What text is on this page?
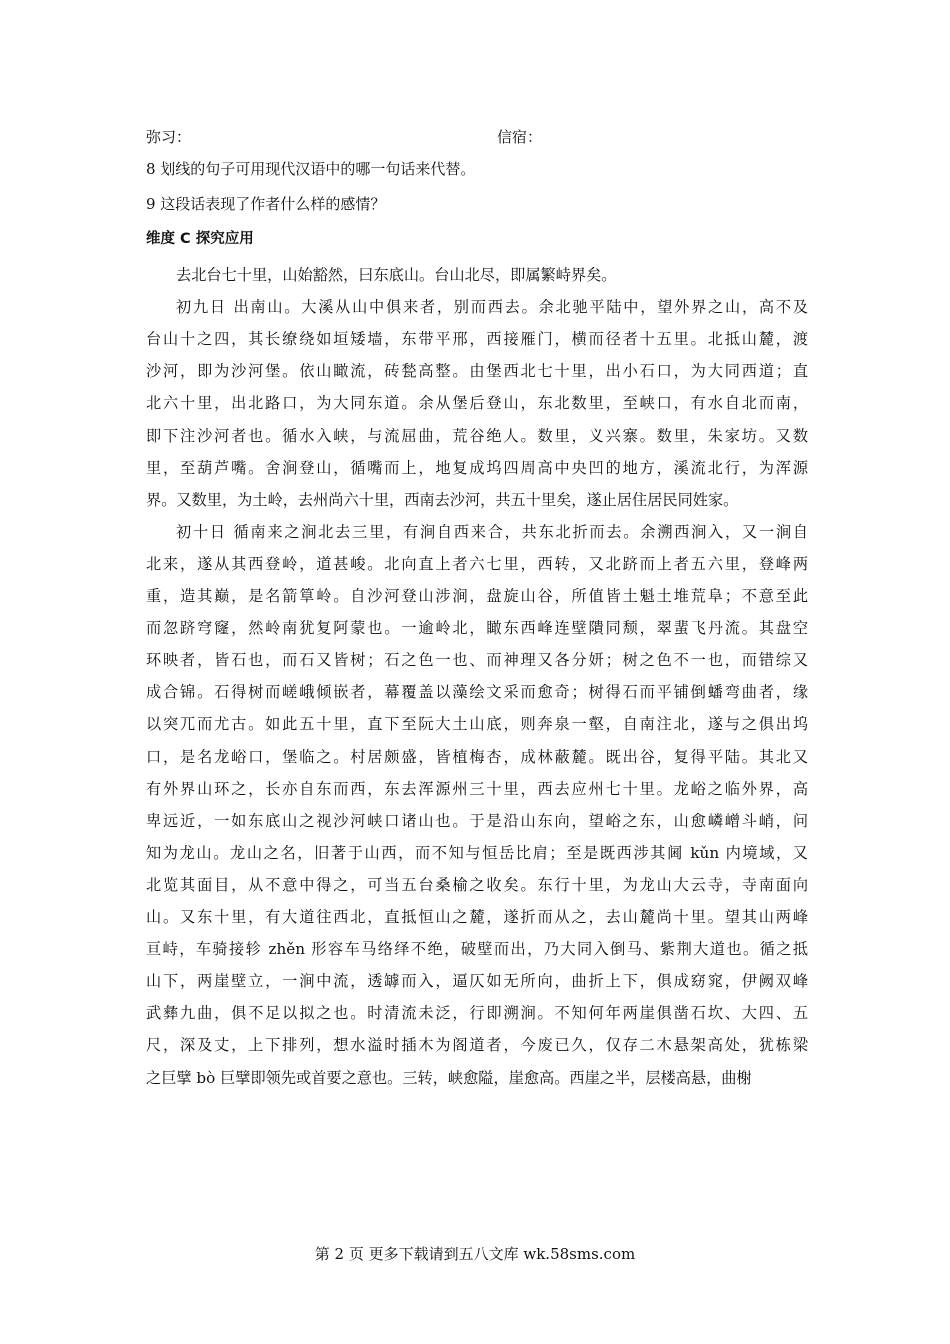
弥习：	信宿：
8 划线的句子可用现代汉语中的哪一句话来代替。
9 这段话表现了作者什么样的感情？
维度 C 探究应用
去北台七十里，山始豁然，曰东底山。台山北尽，即属繁峙界矣。
初九日 出南山。大溪从山中俱来者，别而西去。余北驰平陆中，望外界之山，高不及
台山十之四，其长缭绕如垣矮墙，东带平邢，西接雁门，横而径者十五里。北抵山麓，渡
沙河，即为沙河堡。依山瞰流，砖甃高整。由堡西北七十里，出小石口，为大同西道；直
北六十里，出北路口，为大同东道。余从堡后登山，东北数里，至峡口，有水自北而南，
即下注沙河者也。循水入峡，与流屈曲，荒谷绝人。数里，义兴寨。数里，朱家坊。又数
里，至葫芦嘴。舍涧登山，循嘴而上，地复成坞四周高中央凹的地方，溪流北行，为浑源
界。又数里，为土岭，去州尚六十里，西南去沙河，共五十里矣，遂止居住居民同姓家。
初十日 循南来之涧北去三里，有涧自西来合，共东北折而去。余溯西涧入，又一涧自
北来，遂从其西登岭，道甚峻。北向直上者六七里，西转，又北跻而上者五六里，登峰两
重，造其巅，是名箭筸岭。自沙河登山涉涧，盘旋山谷，所值皆土魁土堆荒阜；不意至此
而忽跻穹窿，然岭南犹复阿蒙也。一逾岭北，瞰东西峰连壁隤同颓，翠蜚飞丹流。其盘空
环映者，皆石也，而石又皆树；石之色一也、而神理又各分妍；树之色不一也，而错综又
成合锦。石得树而嵯峨倾嵌者，幕覆盖以藻绘文采而愈奇；树得石而平铺倒蟠弯曲者，缘
以突兀而尤古。如此五十里，直下至阮大土山底，则奔泉一壑，自南注北，遂与之俱出坞
口，是名龙峪口，堡临之。村居颇盛，皆植梅杏，成林蔽麓。既出谷，复得平陆。其北又
有外界山环之，长亦自东而西，东去浑源州三十里，西去应州七十里。龙峪之临外界，高
卑远近，一如东底山之视沙河峡口诸山也。于是沿山东向，望峪之东，山愈嶙嶒斗峭，问
知为龙山。龙山之名，旧著于山西，而不知与恒岳比肩；至是既西涉其阃 kǔn 内境域，又
北览其面目，从不意中得之，可当五台桑榆之收矣。东行十里，为龙山大云寺，寺南面向
山。又东十里，有大道往西北，直抵恒山之麓，遂折而从之，去山麓尚十里。望其山两峰
亘峙，车骑接轸 zhěn 形容车马络绎不绝，破壁而出，乃大同入倒马、紫荆大道也。循之抵
山下，两崖壁立，一涧中流，透罅而入，逼仄如无所向，曲折上下，俱成窈窕，伊阙双峰
武彝九曲，俱不足以拟之也。时清流未泛，行即溯涧。不知何年两崖俱凿石坎、大四、五
尺，深及丈，上下排列，想水溢时插木为阁道者，今废已久，仅存二木悬架高处，犹栋梁
之巨擘 bò 巨擘即领先或首要之意也。三转，峡愈隘，崖愈高。西崖之半，层楼高悬，曲榭
第 2 页 更多下载请到五八文库 wk.58sms.com
